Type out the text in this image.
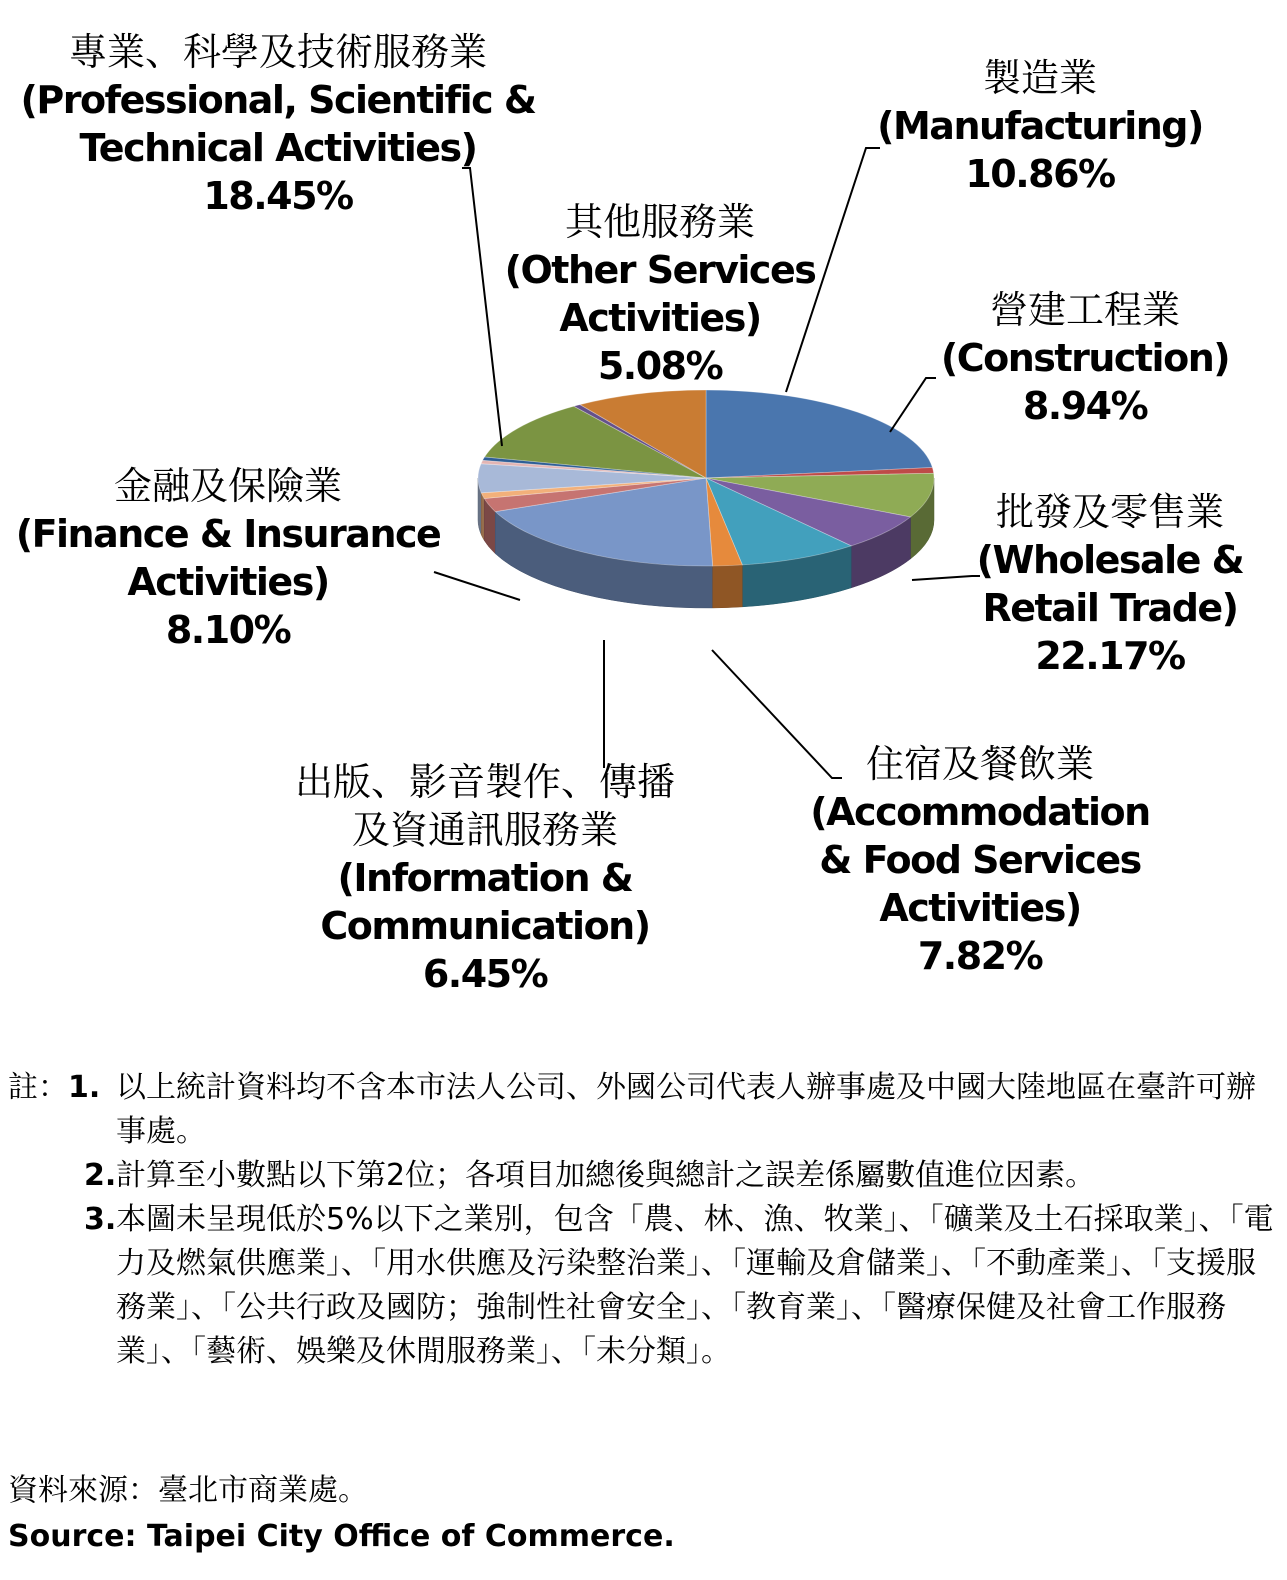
專業、科學及技術服務業
(Professional, Scientific &
Technical Activities)
18.45%
製造業
(Manufacturing)
10.86%
其他服務業
(Other Services
Activities)
5.08%
營建工程業
(Construction)
8.94%
批發及零售業
(Wholesale &
Retail Trade)
22.17%
金融及保險業
(Finance & Insurance
Activities)
8.10%
住宿及餐飲業
(Accommodation
& Food Services
Activities)
7.82%
出版、影音製作、傳播
及資通訊服務業
(Information &
Communication)
6.45%
註：1. 以上統計資料均不含本市法人公司、外國公司代表人辦事處及中國大陸地區在臺許可辦事處。
2. 計算至小數點以下第2位；各項目加總後與總計之誤差係屬數值進位因素。
3. 本圖未呈現低於5%以下之業別，包含「農、林、漁、牧業」、「礦業及土石採取業」、「電力及燃氣供應業」、「用水供應及污染整治業」、「運輸及倉儲業」、「不動產業」、「支援服務業」、「公共行政及國防；強制性社會安全」、「教育業」、「醫療保健及社會工作服務業」、「藝術、娛樂及休閒服務業」、「未分類」。
資料來源：臺北市商業處。
Source: Taipei City Office of Commerce.
